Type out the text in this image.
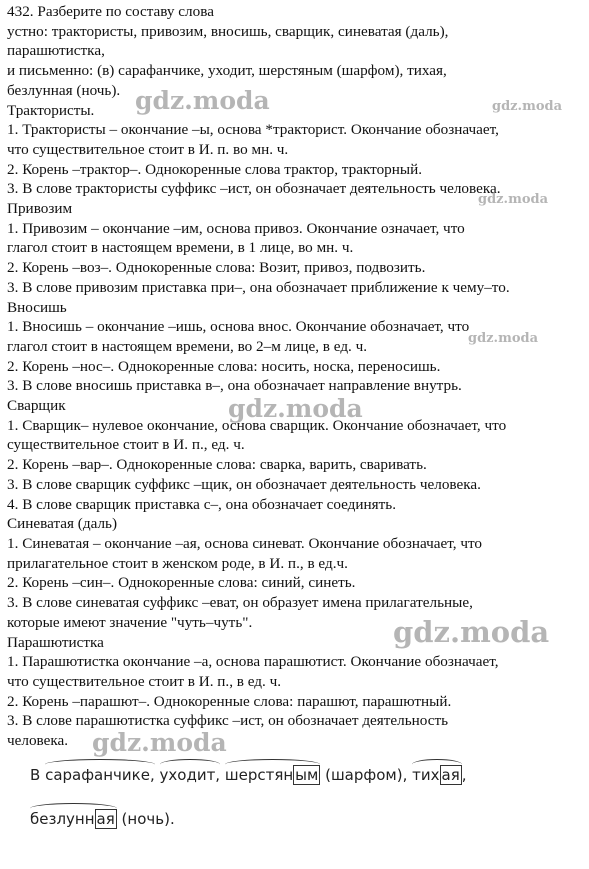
432. Разберите по составу слова
устно: трактористы, привозим, вносишь, сварщик, синеватая (даль),
парашютистка,
и письменно: (в) сарафанчике, уходит, шерстяным (шарфом), тихая,
безлунная (ночь).
Трактористы.
1. Трактористы – окончание –ы, основа *тракторист. Окончание обозначает,
что существительное стоит в И. п. во мн. ч.
2. Корень –трактор–. Однокоренные слова трактор, тракторный.
3. В слове трактористы суффикс –ист, он обозначает деятельность человека.
Привозим
1. Привозим – окончание –им, основа привоз. Окончание означает, что
глагол стоит в настоящем времени, в 1 лице, во мн. ч.
2. Корень –воз–. Однокоренные слова: Возит, привоз, подвозить.
3. В слове привозим приставка при–, она обозначает приближение к чему–то.
Вносишь
1. Вносишь – окончание –ишь, основа внос. Окончание обозначает, что
глагол стоит в настоящем времени, во 2–м лице, в ед. ч.
2. Корень –нос–. Однокоренные слова: носить, носка, переносишь.
3. В слове вносишь приставка в–, она обозначает направление внутрь.
Сварщик
1. Сварщик– нулевое окончание, основа сварщик. Окончание обозначает, что
существительное стоит в И. п., ед. ч.
2. Корень –вар–. Однокоренные слова: сварка, варить, сваривать.
3. В слове сварщик суффикс –щик, он обозначает деятельность человека.
4. В слове сварщик приставка с–, она обозначает соединять.
Синеватая (даль)
1. Синеватая – окончание –ая, основа синеват. Окончание обозначает, что
прилагательное стоит в женском роде, в И. п., в ед.ч.
2. Корень –син–. Однокоренные слова: синий, синеть.
3. В слове синеватая суффикс –еват, он образует имена прилагательные,
которые имеют значение "чуть–чуть".
Парашютистка
1. Парашютистка окончание –а, основа парашютист. Окончание обозначает,
что существительное стоит в И. п., в ед. ч.
2. Корень –парашют–. Однокоренные слова: парашют, парашютный.
3. В слове парашютистка суффикс –ист, он обозначает деятельность
человека.
gdz.moda	gdz.moda
gdz.moda
gdz.moda
gdz.moda
gdz.moda
gdz.moda
В сарафанчике, уходит, шерстян ым (шарфом), тих ая ,
безлунн ая (ночь).
